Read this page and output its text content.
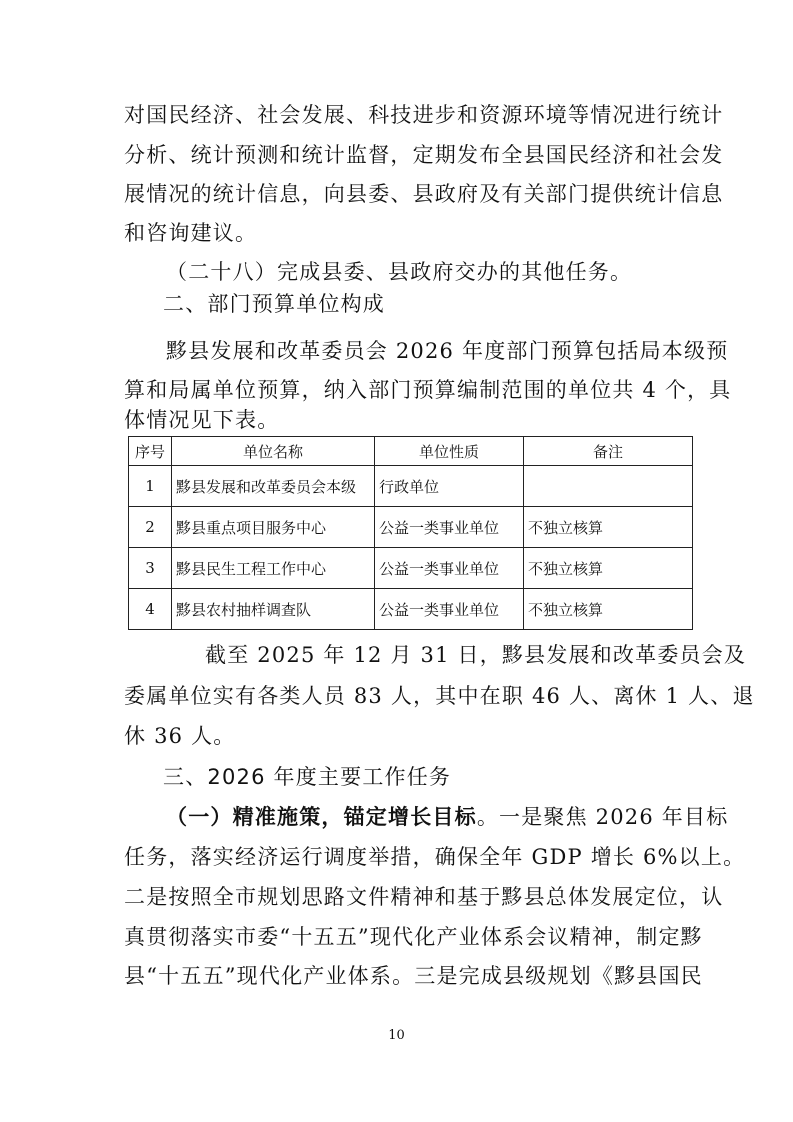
对国民经济、社会发展、科技进步和资源环境等情况进行统计
分析、统计预测和统计监督，定期发布全县国民经济和社会发
展情况的统计信息，向县委、县政府及有关部门提供统计信息
和咨询建议。
（二十八）完成县委、县政府交办的其他任务。
二、部门预算单位构成
黟县发展和改革委员会 2026 年度部门预算包括局本级预
算和局属单位预算，纳入部门预算编制范围的单位共 4 个，具
体情况见下表。
序号	单位名称	单位性质	备注
1	黟县发展和改革委员会本级	行政单位	
2	黟县重点项目服务中心	公益一类事业单位	不独立核算
3	黟县民生工程工作中心	公益一类事业单位	不独立核算
4	黟县农村抽样调查队	公益一类事业单位	不独立核算
截至 2025 年 12 月 31 日，黟县发展和改革委员会及
委属单位实有各类人员 83 人，其中在职 46 人、离休 1 人、退
休 36 人。
三、2026 年度主要工作任务
（一）精准施策，锚定增长目标。一是聚焦 2026 年目标
任务，落实经济运行调度举措，确保全年 GDP 增长 6%以上。
二是按照全市规划思路文件精神和基于黟县总体发展定位，认
真贯彻落实市委“十五五”现代化产业体系会议精神，制定黟
县“十五五”现代化产业体系。三是完成县级规划《黟县国民
10
